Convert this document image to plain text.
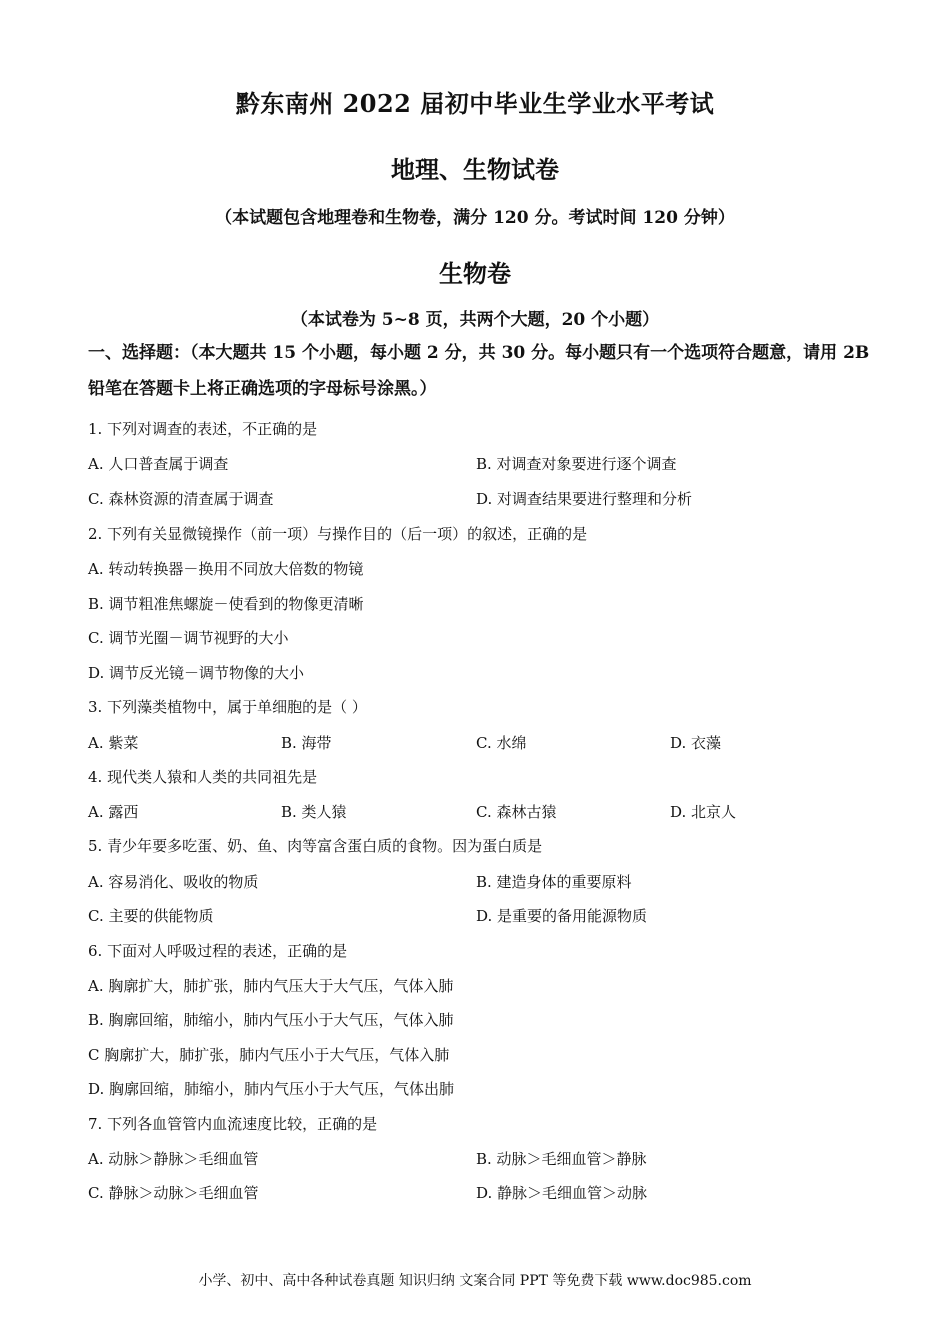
黔东南州 2022 届初中毕业生学业水平考试
地理、生物试卷
（本试题包含地理卷和生物卷，满分 120 分。考试时间 120 分钟）
生物卷
（本试卷为 5~8 页，共两个大题，20 个小题）
一、选择题：（本大题共 15 个小题，每小题 2 分，共 30 分。每小题只有一个选项符合题意，请用 2B 铅笔在答题卡上将正确选项的字母标号涂黑。）
1. 下列对调查的表述，不正确的是
A. 人口普查属于调查	B. 对调查对象要进行逐个调查
C. 森林资源的清查属于调查	D. 对调查结果要进行整理和分析
2. 下列有关显微镜操作（前一项）与操作目的（后一项）的叙述，正确的是
A. 转动转换器－换用不同放大倍数的物镜
B. 调节粗准焦螺旋－使看到的物像更清晰
C. 调节光圈－调节视野的大小
D. 调节反光镜－调节物像的大小
3. 下列藻类植物中，属于单细胞的是（ ）
A. 紫菜	B. 海带	C. 水绵	D. 衣藻
4. 现代类人猿和人类的共同祖先是
A. 露西	B. 类人猿	C. 森林古猿	D. 北京人
5. 青少年要多吃蛋、奶、鱼、肉等富含蛋白质的食物。因为蛋白质是
A. 容易消化、吸收的物质	B. 建造身体的重要原料
C. 主要的供能物质	D. 是重要的备用能源物质
6. 下面对人呼吸过程的表述，正确的是
A. 胸廓扩大，肺扩张，肺内气压大于大气压，气体入肺
B. 胸廓回缩，肺缩小，肺内气压小于大气压，气体入肺
C 胸廓扩大，肺扩张，肺内气压小于大气压，气体入肺
D. 胸廓回缩，肺缩小，肺内气压小于大气压，气体出肺
7. 下列各血管管内血流速度比较，正确的是
A. 动脉＞静脉＞毛细血管	B. 动脉＞毛细血管＞静脉
C. 静脉＞动脉＞毛细血管	D. 静脉＞毛细血管＞动脉
小学、初中、高中各种试卷真题 知识归纳 文案合同 PPT 等免费下载 www.doc985.com
